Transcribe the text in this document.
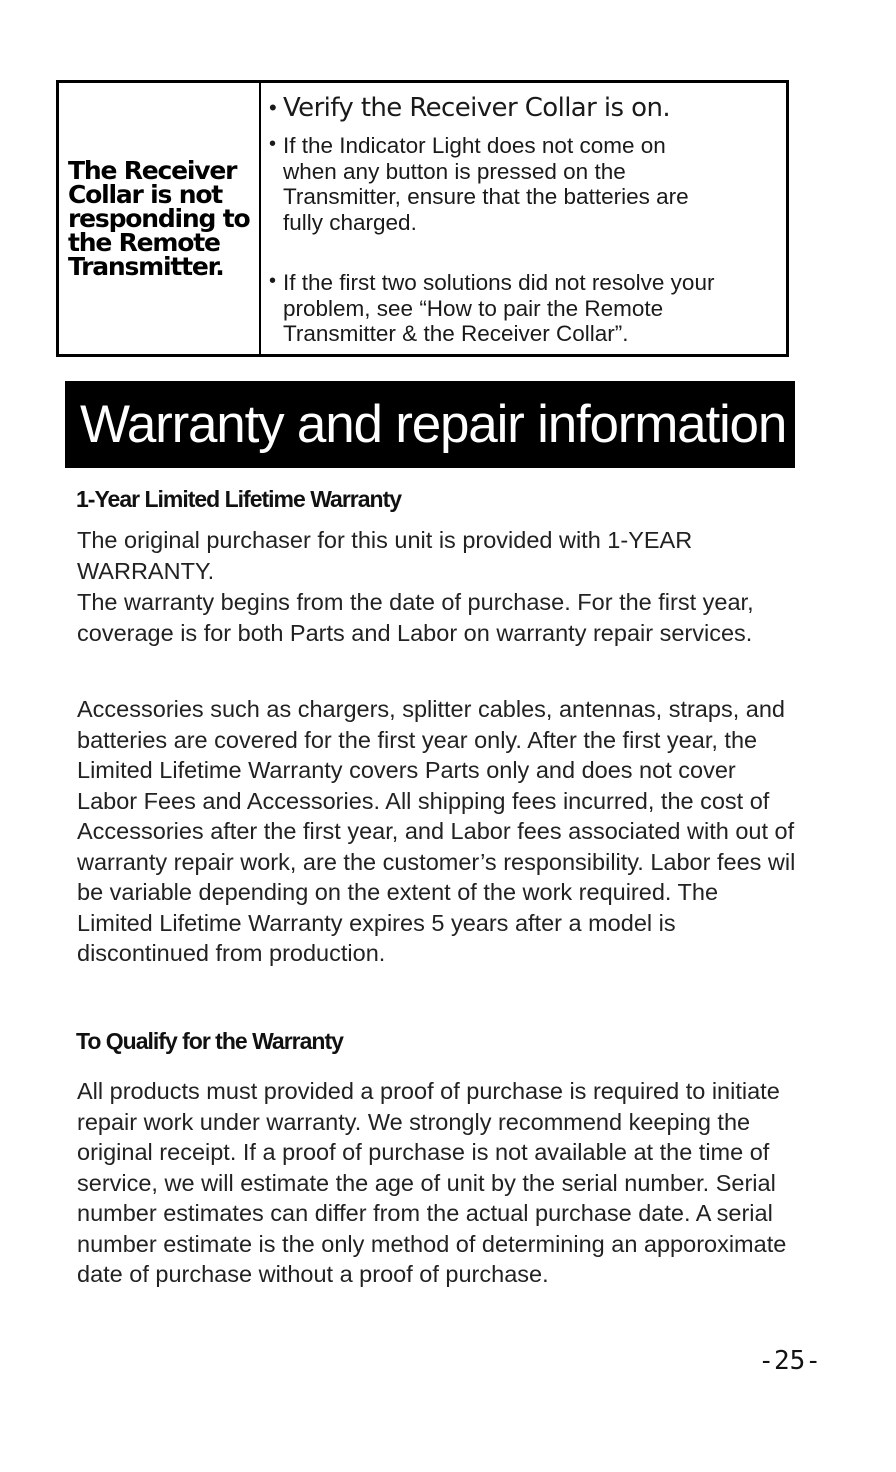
The Receiver Collar is not responding to the Remote Transmitter.
• Verify the Receiver Collar is on.
• If the Indicator Light does not come on when any button is pressed on the Transmitter, ensure that the batteries are fully charged.
• If the first two solutions did not resolve your problem, see “How to pair the Remote Transmitter & the Receiver Collar”.
Warranty and repair information
1-Year Limited Lifetime Warranty

The original purchaser for this unit is provided with 1-YEAR WARRANTY.

The warranty begins from the date of purchase. For the first year, coverage is for both Parts and Labor on warranty repair services.

Accessories such as chargers, splitter cables, antennas, straps, and batteries are covered for the first year only. After the first year, the Limited Lifetime Warranty covers Parts only and does not cover Labor Fees and Accessories. All shipping fees incurred, the cost of Accessories after the first year, and Labor fees associated with out of warranty repair work, are the customer’s responsibility. Labor fees wil be variable depending on the extent of the work required. The Limited Lifetime Warranty expires 5 years after a model is discontinued from production.

To Qualify for the Warranty

All products must provided a proof of purchase is required to initiate repair work under warranty. We strongly recommend keeping the original receipt. If a proof of purchase is not available at the time of service, we will estimate the age of unit by the serial number. Serial number estimates can differ from the actual purchase date. A serial number estimate is the only method of determining an apporoximate date of purchase without a proof of purchase.

-25-
